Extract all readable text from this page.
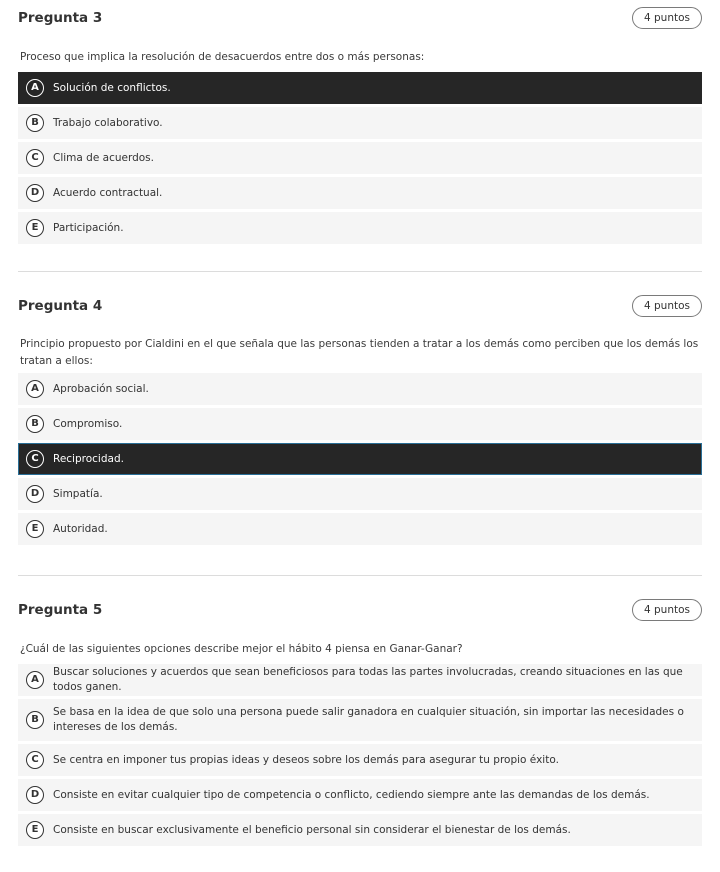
Pregunta 3	4 puntos
Proceso que implica la resolución de desacuerdos entre dos o más personas:
A	Solución de conflictos.
B	Trabajo colaborativo.
C	Clima de acuerdos.
D	Acuerdo contractual.
E	Participación.
Pregunta 4	4 puntos
Principio propuesto por Cialdini en el que señala que las personas tienden a tratar a los demás como perciben que los demás los tratan a ellos:
A	Aprobación social.
B	Compromiso.
C	Reciprocidad.
D	Simpatía.
E	Autoridad.
Pregunta 5	4 puntos
¿Cuál de las siguientes opciones describe mejor el hábito 4 piensa en Ganar-Ganar?
A
Buscar soluciones y acuerdos que sean beneficiosos para todas las partes involucradas, creando situaciones en las que todos ganen.
B
Se basa en la idea de que solo una persona puede salir ganadora en cualquier situación, sin importar las necesidades o intereses de los demás.
C	Se centra en imponer tus propias ideas y deseos sobre los demás para asegurar tu propio éxito.
D	Consiste en evitar cualquier tipo de competencia o conflicto, cediendo siempre ante las demandas de los demás.
E	Consiste en buscar exclusivamente el beneficio personal sin considerar el bienestar de los demás.
